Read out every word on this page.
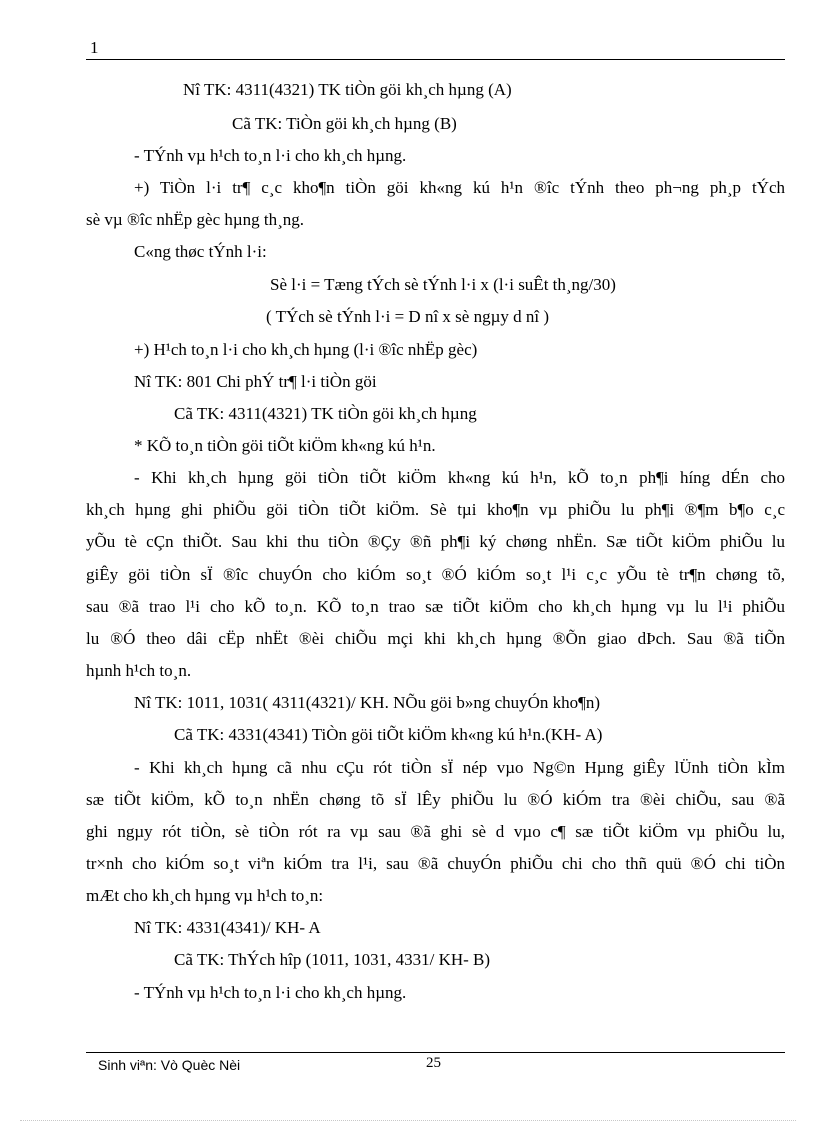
1
Nî TK: 4311(4321) TK tiÒn göi kh¸ch hµng (A)
Cã TK: TiÒn göi kh¸ch hµng (B)
- TÝnh vµ h¹ch to¸n l·i cho kh¸ch hµng.
+) TiÒn l·i tr¶ c¸c kho¶n tiÒn göi kh«ng kú h¹n ®îc tÝnh theo ph¬ng ph¸p tÝch
sè vµ ®îc nhËp gèc hµng th¸ng.
C«ng thøc tÝnh l·i:
Sè l·i = Tæng tÝch sè tÝnh l·i x (l·i suÊt th¸ng/30)
( TÝch sè tÝnh l·i = D nî x sè ngµy d nî )
+) H¹ch to¸n l·i cho kh¸ch hµng (l·i ®îc nhËp gèc)
Nî TK: 801 Chi phÝ tr¶ l·i tiÒn göi
Cã TK: 4311(4321) TK tiÒn göi kh¸ch hµng
* KÕ to¸n tiÒn göi tiÕt kiÖm kh«ng kú h¹n.
- Khi kh¸ch hµng göi tiÒn tiÕt kiÖm kh«ng kú h¹n, kÕ to¸n ph¶i híng dÉn cho
kh¸ch hµng ghi phiÕu göi tiÒn tiÕt kiÖm. Sè tµi kho¶n vµ phiÕu lu ph¶i ®¶m b¶o c¸c
yÕu tè cÇn thiÕt. Sau khi thu tiÒn ®Çy ®ñ ph¶i ký chøng nhËn. Sæ tiÕt kiÖm phiÕu lu
giÊy göi tiÒn sÏ ®îc chuyÓn cho kiÓm so¸t ®Ó kiÓm so¸t l¹i c¸c yÕu tè tr¶n chøng tõ,
sau ®ã trao l¹i cho kÕ to¸n. KÕ to¸n trao sæ tiÕt kiÖm cho kh¸ch hµng vµ lu l¹i phiÕu
lu ®Ó theo dâi cËp nhËt ®èi chiÕu mçi khi kh¸ch hµng ®Õn giao dÞch. Sau ®ã tiÕn
hµnh h¹ch to¸n.
Nî TK: 1011, 1031( 4311(4321)/ KH. NÕu göi b»ng chuyÓn kho¶n)
Cã TK: 4331(4341) TiÒn göi tiÕt kiÖm kh«ng kú h¹n.(KH- A)
- Khi kh¸ch hµng cã nhu cÇu rót tiÒn sÏ nép vµo Ng©n Hµng giÊy lÜnh tiÒn kÌm
sæ tiÕt kiÖm, kÕ to¸n nhËn chøng tõ sÏ lÊy phiÕu lu ®Ó kiÓm tra ®èi chiÕu, sau ®ã
ghi ngµy rót tiÒn, sè tiÒn rót ra vµ sau ®ã ghi sè d vµo c¶ sæ tiÕt kiÖm vµ phiÕu lu,
tr×nh cho kiÓm so¸t viªn kiÓm tra l¹i, sau ®ã chuyÓn phiÕu chi cho thñ quü ®Ó chi tiÒn
mÆt cho kh¸ch hµng vµ h¹ch to¸n:
Nî TK: 4331(4341)/ KH- A
Cã TK: ThÝch hîp (1011, 1031, 4331/ KH- B)
- TÝnh vµ h¹ch to¸n l·i cho kh¸ch hµng.
Sinh viªn: Vò Quèc Nèi	25
